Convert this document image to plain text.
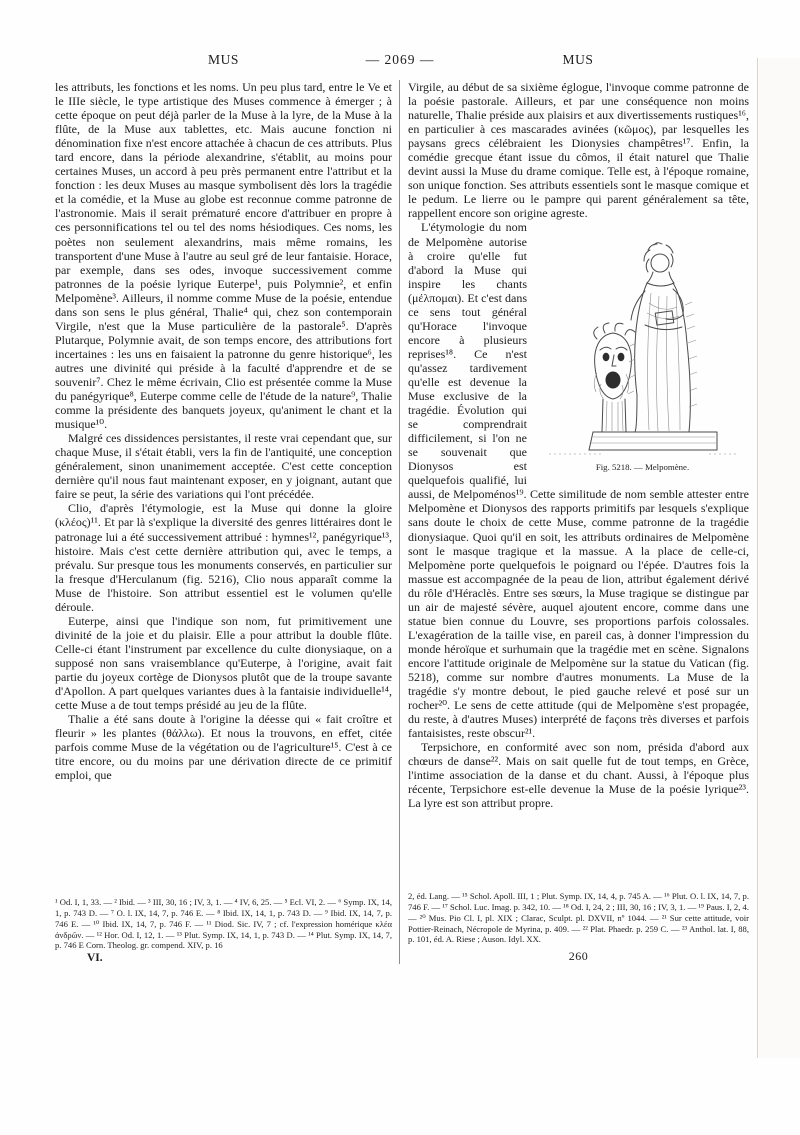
MUS	— 2069 —	MUS
les attributs, les fonctions et les noms. Un peu plus tard, entre le Ve et le IIIe siècle, le type artistique des Muses commence à émerger ; à cette époque on peut déjà parler de la Muse à la lyre, de la Muse à la flûte, de la Muse aux tablettes, etc. Mais aucune fonction ni dénomination fixe n'est encore attachée à chacun de ces attributs. Plus tard encore, dans la période alexandrine, s'établit, au moins pour certaines Muses, un accord à peu près permanent entre l'attribut et la fonction : les deux Muses au masque symbolisent dès lors la tragédie et la comédie, et la Muse au globe est reconnue comme patronne de l'astronomie. Mais il serait prématuré encore d'attribuer en propre à ces personnifications tel ou tel des noms hésiodiques. Ces noms, les poètes non seulement alexandrins, mais même romains, les transportent d'une Muse à l'autre au seul gré de leur fantaisie. Horace, par exemple, dans ses odes, invoque successivement comme patronnes de la poésie lyrique Euterpe¹, puis Polymnie², et enfin Melpomène³. Ailleurs, il nomme comme Muse de la poésie, entendue dans son sens le plus général, Thalie⁴ qui, chez son contemporain Virgile, n'est que la Muse particulière de la pastorale⁵. D'après Plutarque, Polymnie avait, de son temps encore, des attributions fort incertaines : les uns en faisaient la patronne du genre historique⁶, les autres une divinité qui préside à la faculté d'apprendre et de se souvenir⁷. Chez le même écrivain, Clio est présentée comme la Muse du panégyrique⁸, Euterpe comme celle de l'étude de la nature⁹, Thalie comme la présidente des banquets joyeux, qu'animent le chant et la musique¹⁰.
Malgré ces dissidences persistantes, il reste vrai cependant que, sur chaque Muse, il s'était établi, vers la fin de l'antiquité, une conception généralement, sinon unanimement acceptée. C'est cette conception dernière qu'il nous faut maintenant exposer, en y joignant, autant que faire se peut, la série des variations qui l'ont précédée.
Clio, d'après l'étymologie, est la Muse qui donne la gloire (κλέος)¹¹. Et par là s'explique la diversité des genres littéraires dont le patronage lui a été successivement attribué : hymnes¹², panégyrique¹³, histoire. Mais c'est cette dernière attribution qui, avec le temps, a prévalu. Sur presque tous les monuments conservés, en particulier sur la fresque d'Herculanum (fig. 5216), Clio nous apparaît comme la Muse de l'histoire. Son attribut essentiel est le volumen qu'elle déroule.
Euterpe, ainsi que l'indique son nom, fut primitivement une divinité de la joie et du plaisir. Elle a pour attribut la double flûte. Celle-ci étant l'instrument par excellence du culte dionysiaque, on a supposé non sans vraisemblance qu'Euterpe, à l'origine, avait fait partie du joyeux cortège de Dionysos plutôt que de la troupe savante d'Apollon. A part quelques variantes dues à la fantaisie individuelle¹⁴, cette Muse a de tout temps présidé au jeu de la flûte.
Thalie a été sans doute à l'origine la déesse qui « fait croître et fleurir » les plantes (θάλλω). Et nous la trouvons, en effet, citée parfois comme Muse de la végétation ou de l'agriculture¹⁵. C'est à ce titre encore, ou du moins par une dérivation directe de ce primitif emploi, que
¹ Od. I, 1, 33. — ² Ibid. — ³ III, 30, 16 ; IV, 3, 1. — ⁴ IV, 6, 25. — ⁵ Ecl. VI, 2. — ⁶ Symp. IX, 14, 1, p. 743 D. — ⁷ O. l. IX, 14, 7, p. 746 E. — ⁸ Ibid. IX, 14, 1, p. 743 D. — ⁹ Ibid. IX, 14, 7, p. 746 E. — ¹⁰ Ibid. IX, 14, 7, p. 746 F. — ¹¹ Diod. Sic. IV, 7 ; cf. l'expression homérique κλέα ἀνδρῶν. — ¹² Hor. Od. I, 12, 1. — ¹³ Plut. Symp. IX, 14, 1, p. 743 D. — ¹⁴ Plut. Symp. IX, 14, 7, p. 746 E Corn. Theolog. gr. compend. XIV, p. 16
VI.
Virgile, au début de sa sixième églogue, l'invoque comme patronne de la poésie pastorale. Ailleurs, et par une conséquence non moins naturelle, Thalie préside aux plaisirs et aux divertissements rustiques¹⁶, en particulier à ces mascarades avinées (κῶμος), par lesquelles les paysans grecs célébraient les Dionysies champêtres¹⁷. Enfin, la comédie grecque étant issue du cômos, il était naturel que Thalie devint aussi la Muse du drame comique. Telle est, à l'époque romaine, son unique fonction. Ses attributs essentiels sont le masque comique et le pedum. Le lierre ou le pampre qui parent généralement sa tête, rappellent encore son origine agreste.
Fig. 5218. — Melpomène.
L'étymologie du nom de Melpomène autorise à croire qu'elle fut d'abord la Muse qui inspire les chants (μέλπομαι). Et c'est dans ce sens tout général qu'Horace l'invoque encore à plusieurs reprises¹⁸. Ce n'est qu'assez tardivement qu'elle est devenue la Muse exclusive de la tragédie. Évolution qui se comprendrait difficilement, si l'on ne se souvenait que Dionysos est quelquefois qualifié, lui aussi, de Melpoménos¹⁹. Cette similitude de nom semble attester entre Melpomène et Dionysos des rapports primitifs par lesquels s'explique sans doute le choix de cette Muse, comme patronne de la tragédie dionysiaque. Quoi qu'il en soit, les attributs ordinaires de Melpomène sont le masque tragique et la massue. A la place de celle-ci, Melpomène porte quelquefois le poignard ou l'épée. D'autres fois la massue est accompagnée de la peau de lion, attribut également dérivé du rôle d'Héraclès. Entre ses sœurs, la Muse tragique se distingue par un air de majesté sévère, auquel ajoutent encore, comme dans une statue bien connue du Louvre, ses proportions parfois colossales. L'exagération de la taille vise, en pareil cas, à donner l'impression du monde héroïque et surhumain que la tragédie met en scène. Signalons encore l'attitude originale de Melpomène sur la statue du Vatican (fig. 5218), comme sur nombre d'autres monuments. La Muse de la tragédie s'y montre debout, le pied gauche relevé et posé sur un rocher²⁰. Le sens de cette attitude (qui de Melpomène s'est propagée, du reste, à d'autres Muses) interprété de façons très diverses et parfois fantaisistes, reste obscur²¹.
Terpsichore, en conformité avec son nom, présida d'abord aux chœurs de danse²². Mais on sait quelle fut de tout temps, en Grèce, l'intime association de la danse et du chant. Aussi, à l'époque plus récente, Terpsichore est-elle devenue la Muse de la poésie lyrique²³. La lyre est son attribut propre.
2, éd. Lang. — ¹⁵ Schol. Apoll. III, 1 ; Plut. Symp. IX, 14, 4, p. 745 A. — ¹⁶ Plut. O. l. IX, 14, 7, p. 746 F. — ¹⁷ Schol. Luc. Imag. p. 342, 10. — ¹⁸ Od. I, 24, 2 ; III, 30, 16 ; IV, 3, 1. — ¹⁹ Paus. I, 2, 4. — ²⁰ Mus. Pio Cl. I, pl. XIX ; Clarac, Sculpt. pl. DXVII, nº 1044. — ²¹ Sur cette attitude, voir Pottier-Reinach, Nécropole de Myrina, p. 409. — ²² Plat. Phaedr. p. 259 C. — ²³ Anthol. lat. I, 88, p. 101, éd. A. Riese ; Auson. Idyl. XX.
260
